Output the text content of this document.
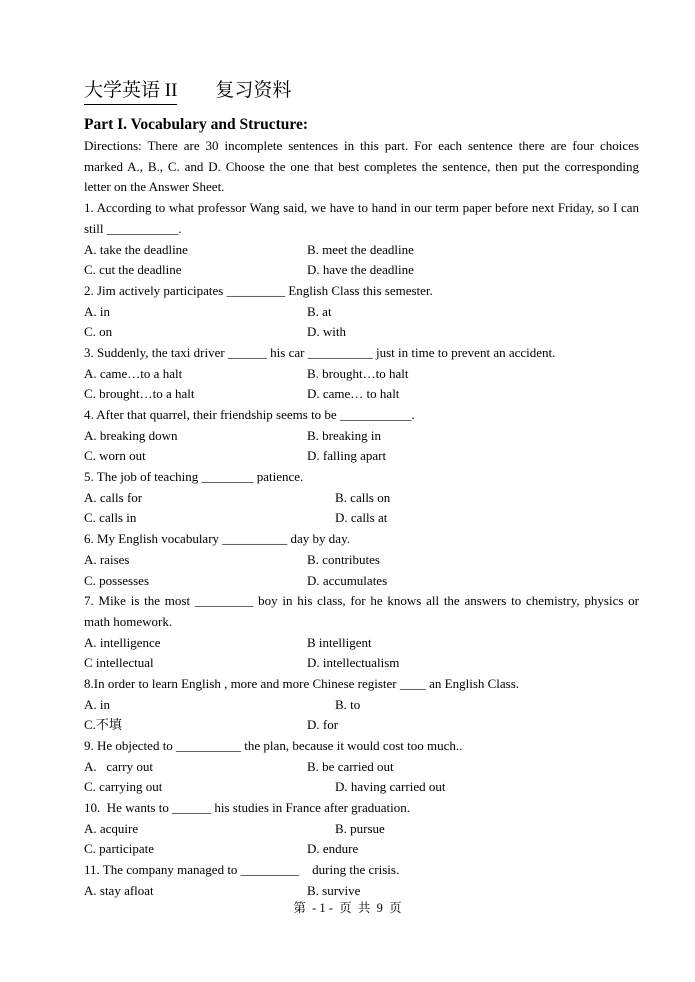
大学英语 II 复习资料
Part I. Vocabulary and Structure:
Directions: There are 30 incomplete sentences in this part. For each sentence there are four choices marked A., B., C. and D. Choose the one that best completes the sentence, then put the corresponding letter on the Answer Sheet.
1. According to what professor Wang said, we have to hand in our term paper before next Friday, so I can still ___________.
A. take the deadline	B. meet the deadline
C. cut the deadline	D. have the deadline
2. Jim actively participates _________ English Class this semester.
A. in	B. at
C. on	D. with
3. Suddenly, the taxi driver ______ his car __________ just in time to prevent an accident.
A. came…to a halt	B. brought…to halt
C. brought…to a halt	D. came… to halt
4. After that quarrel, their friendship seems to be ___________.
A. breaking down	B. breaking in
C. worn out	D. falling apart
5. The job of teaching ________ patience.
A. calls for	B. calls on
C. calls in	D. calls at
6. My English vocabulary __________ day by day.
A. raises	B. contributes
C. possesses	D. accumulates
7. Mike is the most _________ boy in his class, for he knows all the answers to chemistry, physics or math homework.
A. intelligence	B intelligent
C intellectual	D. intellectualism
8.In order to learn English , more and more Chinese register ____ an English Class.
A. in	B. to
C.不填	D. for
9. He objected to __________ the plan, because it would cost too much..
A.   carry out	B. be carried out
C. carrying out	D. having carried out
10.  He wants to ______ his studies in France after graduation.
A. acquire	B. pursue
C. participate	D. endure
11. The company managed to _________    during the crisis.
A. stay afloat	B. survive
第  - 1 -  页  共  9  页
